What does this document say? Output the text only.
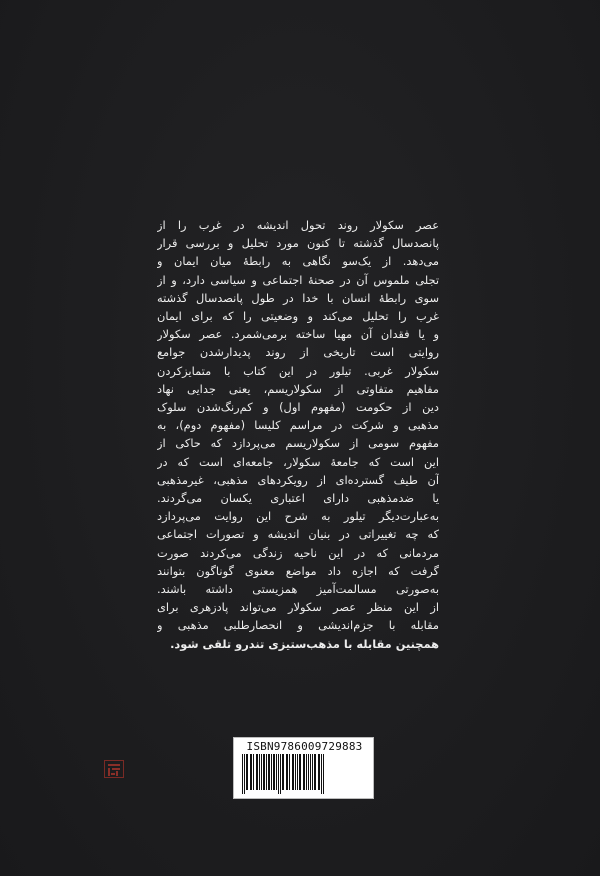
عصر سکولار روند تحول اندیشه در غرب را از
پانصدسال گذشته تا کنون مورد تحلیل و بررسی قرار
می‌دهد. از یک‌سو نگاهی به رابطهٔ میان ایمان و
تجلی ملموس آن در صحنهٔ اجتماعی و سیاسی دارد، و از
سوی رابطهٔ انسان با خدا در طول پانصدسال گذشته
غرب را تحلیل می‌کند و وضعیتی را که برای ایمان
و یا فقدان آن مهیا ساخته برمی‌شمرد. عصر سکولار
روایتی است تاریخی از روند پدیدارشدن جوامع
سکولار غربی. تیلور در این کتاب با متمایزکردن
مفاهیم متفاوتی از سکولاریسم، یعنی جدایی نهاد
دین از حکومت (مفهوم اول) و کم‌رنگ‌شدن سلوک
مذهبی و شرکت در مراسم کلیسا (مفهوم دوم)، به
مفهوم سومی از سکولاریسم می‌پردازد که حاکی از
این است که جامعهٔ سکولار، جامعه‌ای است که در
آن طیف گسترده‌ای از رویکردهای مذهبی، غیرمذهبی
یا ضدمذهبی دارای اعتباری یکسان می‌گردند.
به‌عبارت‌دیگر تیلور به شرح این روایت می‌پردازد
که چه تغییراتی در بنیان اندیشه و تصورات اجتماعی
مردمانی که در این ناحیه زندگی می‌کردند صورت
گرفت که اجازه داد مواضع معنوی گوناگون بتوانند
به‌صورتی مسالمت‌آمیز همزیستی داشته باشند.
از این منظر عصر سکولار می‌تواند پادزهری برای
مقابله با جزم‌اندیشی و انحصارطلبی مذهبی و
همچنین مقابله با مذهب‌ستیزی تندرو تلقی شود.

ISBN9786009729883
